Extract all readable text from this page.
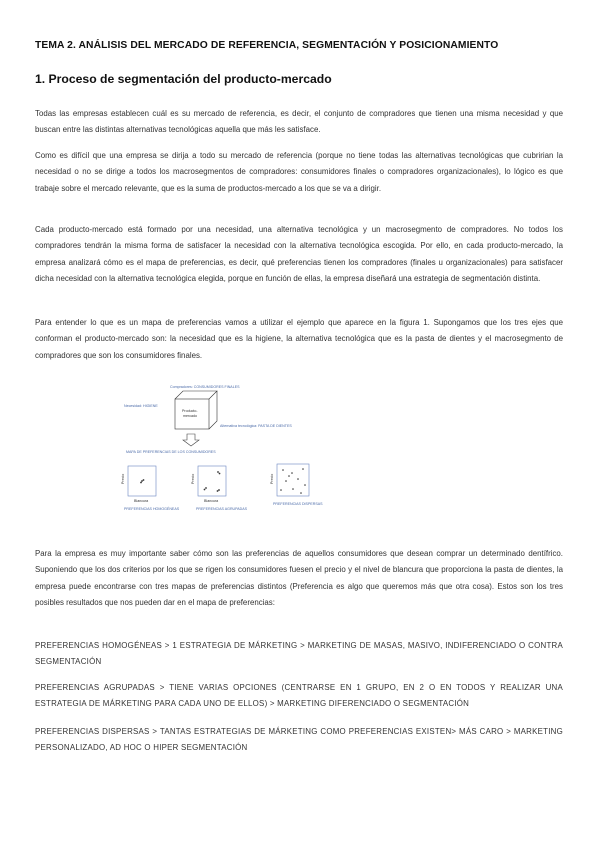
TEMA 2. ANÁLISIS DEL MERCADO DE REFERENCIA, SEGMENTACIÓN Y POSICIONAMIENTO
1. Proceso de segmentación del producto-mercado
Todas las empresas establecen cuál es su mercado de referencia, es decir, el conjunto de compradores que tienen una misma necesidad y que buscan entre las distintas alternativas tecnológicas aquella que más les satisface.
Como es difícil que una empresa se dirija a todo su mercado de referencia (porque no tiene todas las alternativas tecnológicas que cubririan la necesidad o no se dirige a todos los macrosegmentos de compradores: consumidores finales o compradores organizacionales), lo lógico es que trabaje sobre el mercado relevante, que es la suma de productos-mercado a los que se va a dirigir.
Cada producto-mercado está formado por una necesidad, una alternativa tecnológica y un macrosegmento de compradores. No todos los compradores tendrán la misma forma de satisfacer la necesidad con la alternativa tecnológica escogida. Por ello, en cada producto-mercado, la empresa analizará cómo es el mapa de preferencias, es decir, qué preferencias tienen los compradores (finales u organizacionales) para satisfacer dicha necesidad con la alternativa tecnológica elegida, porque en función de ellas, la empresa diseñará una estrategia de segmentación distinta.
Para entender lo que es un mapa de preferencias vamos a utilizar el ejemplo que aparece en la figura 1. Supongamos que los tres ejes que conforman el producto-mercado son: la necesidad que es la higiene, la alternativa tecnológica que es la pasta de dientes y el macrosegmento de compradores que son los consumidores finales.
Producto-
mercado
Compradores: CONSUMIDORES FINALES
Necesidad: HIGIENE
Alternativa tecnológica: PASTA DE DIENTES
MAPA DE PREFERENCIAS DE LOS CONSUMIDORES
Precio
Blancura
PREFERENCIAS HOMOGÉNEAS
Precio
Blancura
PREFERENCIAS AGRUPADAS
Precio
PREFERENCIAS DISPERSAS
Para la empresa es muy importante saber cómo son las preferencias de aquellos consumidores que desean comprar un determinado dentífrico. Suponiendo que los dos criterios por los que se rigen los consumidores fuesen el precio y el nivel de blancura que proporciona la pasta de dientes, la empresa puede encontrarse con tres mapas de preferencias distintos (Preferencia es algo que queremos más que otra cosa). Estos son los tres posibles resultados que nos pueden dar en el mapa de preferencias:
PREFERENCIAS HOMOGÉNEAS > 1 ESTRATEGIA DE MÁRKETING > MARKETING DE MASAS, MASIVO, INDIFERENCIADO O CONTRA SEGMENTACIÓN
PREFERENCIAS AGRUPADAS > TIENE VARIAS OPCIONES (CENTRARSE EN 1 GRUPO, EN 2 O EN TODOS Y REALIZAR UNA ESTRATEGIA DE MÁRKETING PARA CADA UNO DE ELLOS) > MARKETING DIFERENCIADO O SEGMENTACIÓN
PREFERENCIAS DISPERSAS > TANTAS ESTRATEGIAS DE MÁRKETING COMO PREFERENCIAS EXISTEN> MÁS CARO > MARKETING PERSONALIZADO, AD HOC O HIPER SEGMENTACIÓN
